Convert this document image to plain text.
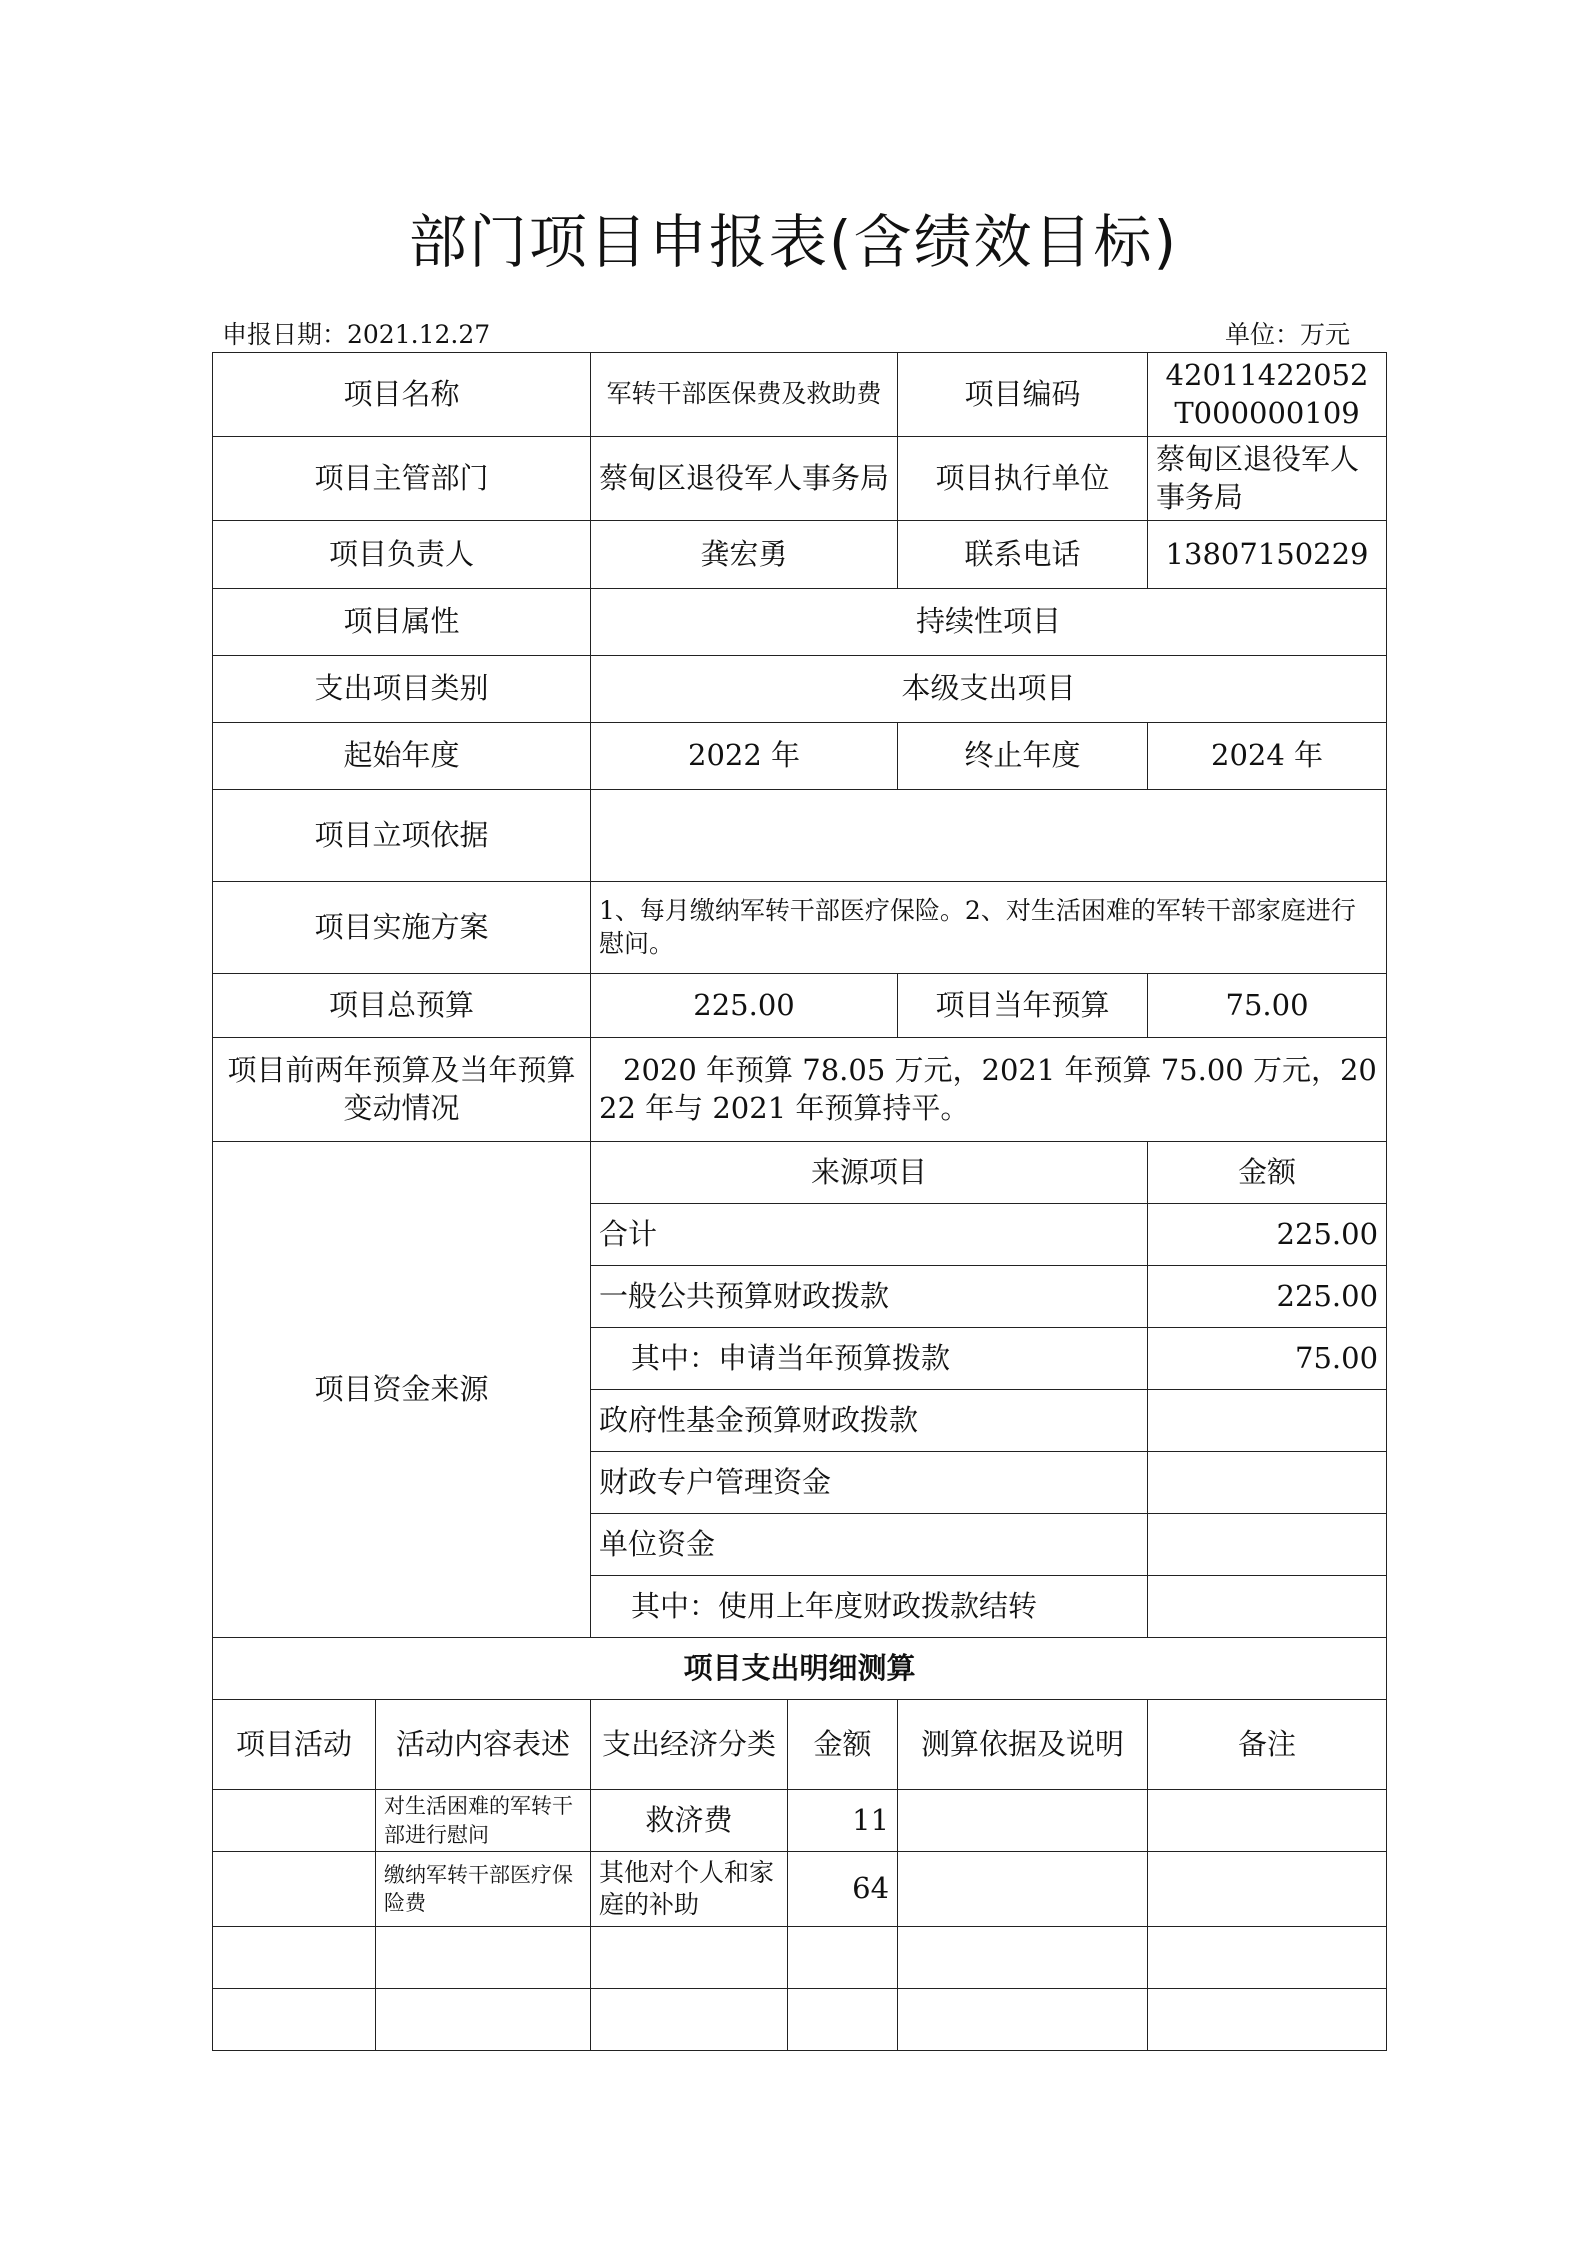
部门项目申报表(含绩效目标)
申报日期：2021.12.27	单位：万元
项目名称		军转干部医保费及救助费		项目编码	42011422052T000000109
项目主管部门		蔡甸区退役军人事务局		项目执行单位	蔡甸区退役军人事务局
项目负责人		龚宏勇		联系电话	13807150229
项目属性		持续性项目			
支出项目类别		本级支出项目			
起始年度		2022 年		终止年度	2024 年
项目立项依据					
项目实施方案		1、每月缴纳军转干部医疗保险。2、对生活困难的军转干部家庭进行慰问。			
项目总预算		225.00		项目当年预算	75.00
项目前两年预算及当年预算变动情况		2020 年预算 78.05 万元，2021 年预算 75.00 万元，2022 年与 2021 年预算持平。			
项目资金来源		来源项目			金额
		合计			225.00
		一般公共预算财政拨款			225.00
		其中：申请当年预算拨款			75.00
		政府性基金预算财政拨款			
		财政专户管理资金			
		单位资金			
		其中：使用上年度财政拨款结转			
项目支出明细测算					
项目活动	活动内容表述	支出经济分类	金额	测算依据及说明	备注
	对生活困难的军转干部进行慰问	救济费	11		
	缴纳军转干部医疗保险费	其他对个人和家庭的补助	64		
